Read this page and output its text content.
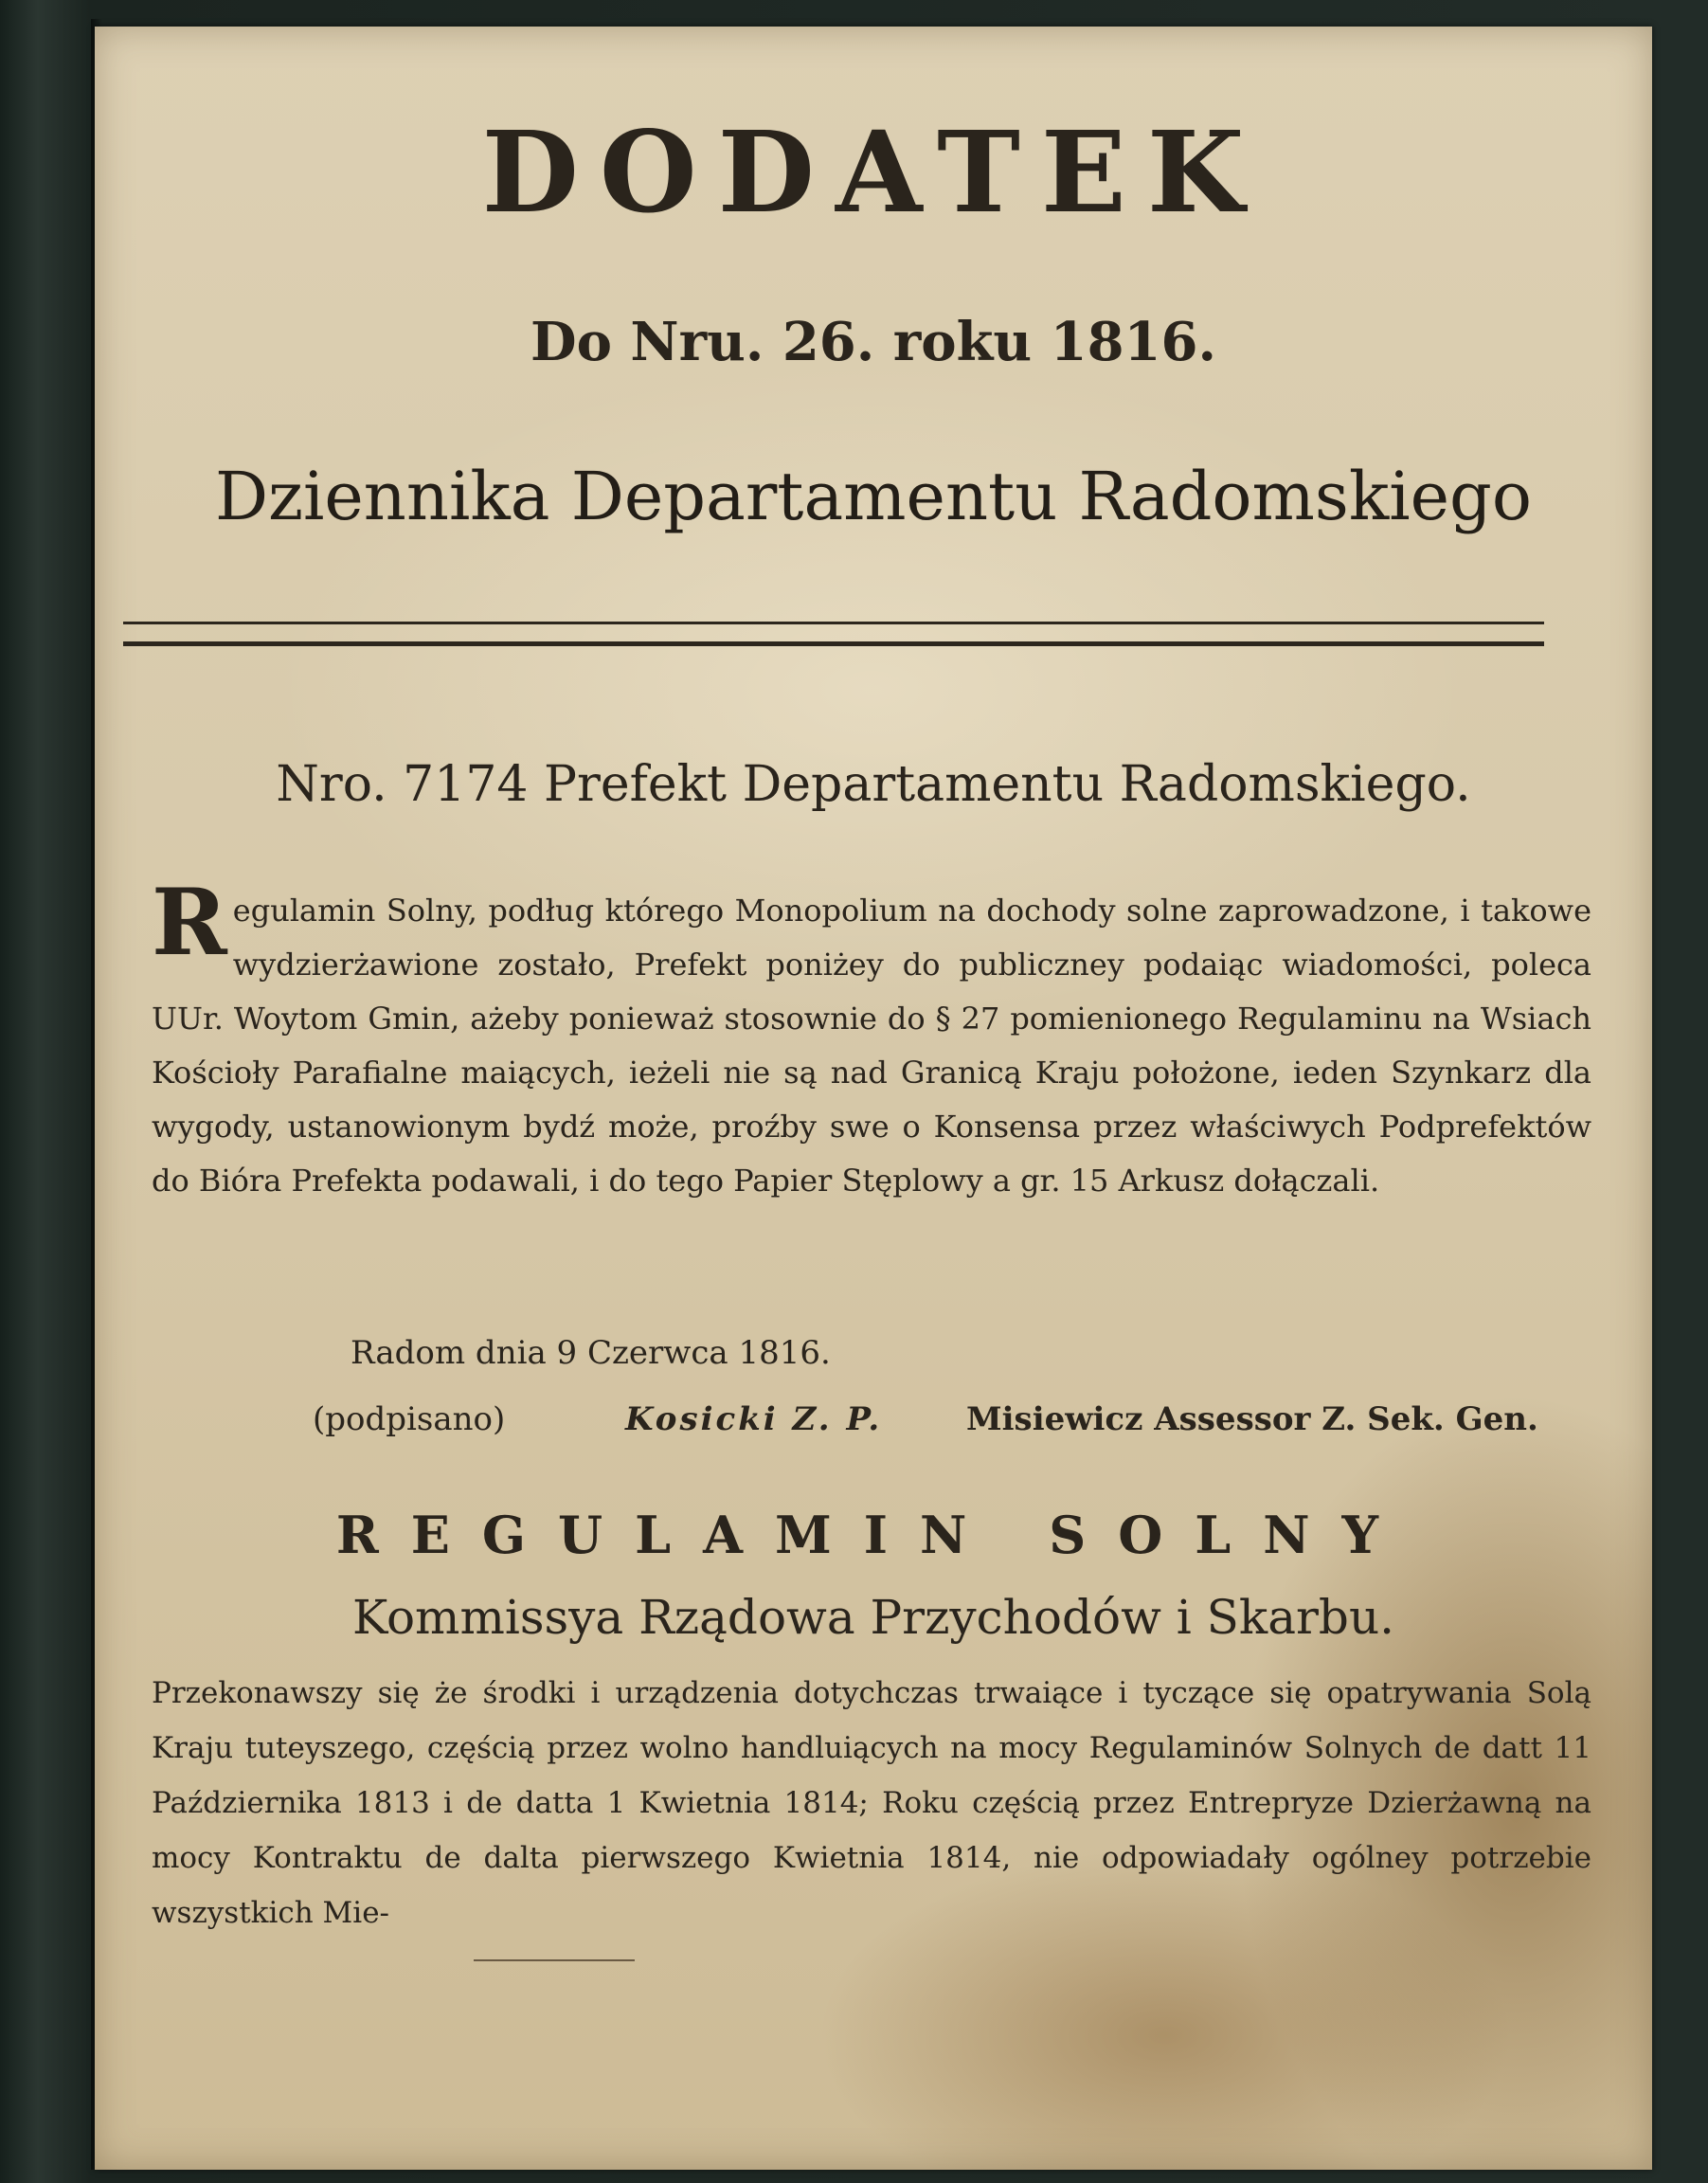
DODATEK
Do Nru. 26. roku 1816.
Dziennika Departamentu Radomskiego
Nro. 7174 Prefekt Departamentu Radomskiego.
Regulamin Solny, podług którego Monopolium na dochody solne zaprowadzone, i takowe wydzierżawione zostało, Prefekt poniżey do publiczney podaiąc wiadomości, poleca UUr. Woytom Gmin, ażeby ponieważ stosownie do § 27 pomienionego Regulaminu na Wsiach Kościoły Parafialne maiących, ieżeli nie są nad Granicą Kraju położone, ieden Szynkarz dla wygody, ustanowionym bydź może, proźby swe o Konsensa przez właściwych Podprefektów do Bióra Prefekta podawali, i do tego Papier Stęplowy a gr. 15 Arkusz dołączali.
Radom dnia 9 Czerwca 1816.
(podpisano)	Kosicki Z. P.	Misiewicz Assessor Z. Sek. Gen.
REGULAMIN SOLNY
Kommissya Rządowa Przychodów i Skarbu.
Przekonawszy się że środki i urządzenia dotychczas trwaiące i tyczące się opatrywania Solą Kraju tuteyszego, częścią przez wolno handluiących na mocy Regulaminów Solnych de datt 11 Października 1813 i de datta 1 Kwietnia 1814; Roku częścią przez Entrepryze Dzierżawną na mocy Kontraktu de dalta pierwszego Kwietnia 1814, nie odpowiadały ogólney potrzebie wszystkich Mie-
